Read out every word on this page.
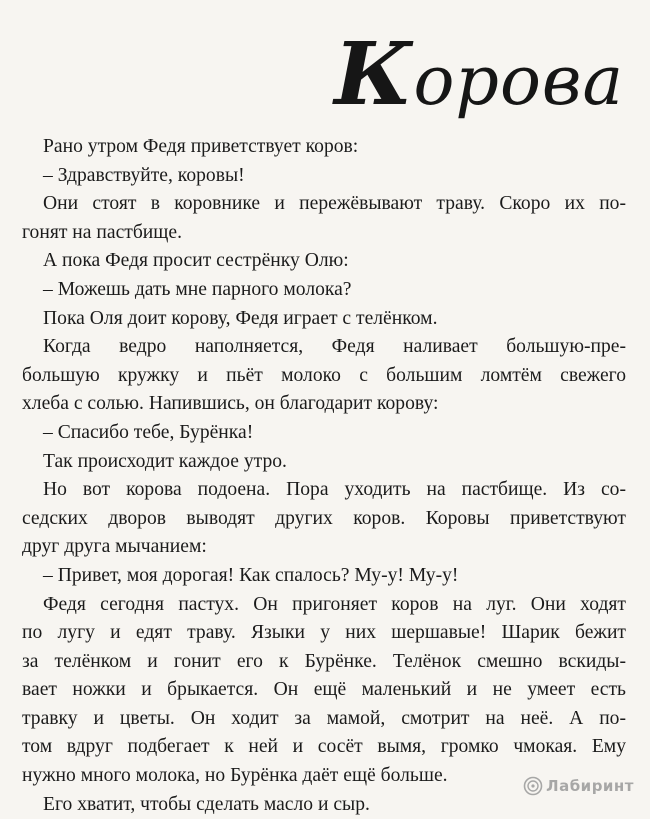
Корова
Рано утром Федя приветствует коров:
– Здравствуйте, коровы!
Они стоят в коровнике и пережёвывают траву. Скоро их по-
гонят на пастбище.
А пока Федя просит сестрёнку Олю:
– Можешь дать мне парного молока?
Пока Оля доит корову, Федя играет с телёнком.
Когда ведро наполняется, Федя наливает большую-пре-
большую кружку и пьёт молоко с большим ломтём свежего
хлеба с солью. Напившись, он благодарит корову:
– Спасибо тебе, Бурёнка!
Так происходит каждое утро.
Но вот корова подоена. Пора уходить на пастбище. Из со-
седских дворов выводят других коров. Коровы приветствуют
друг друга мычанием:
– Привет, моя дорогая! Как спалось? Му-у! Му-у!
Федя сегодня пастух. Он пригоняет коров на луг. Они ходят
по лугу и едят траву. Языки у них шершавые! Шарик бежит
за телёнком и гонит его к Бурёнке. Телёнок смешно вскиды-
вает ножки и брыкается. Он ещё маленький и не умеет есть
травку и цветы. Он ходит за мамой, смотрит на неё. А по-
том вдруг подбегает к ней и сосёт вымя, громко чмокая. Ему
нужно много молока, но Бурёнка даёт ещё больше.
Его хватит, чтобы сделать масло и сыр.
Лабиринт
